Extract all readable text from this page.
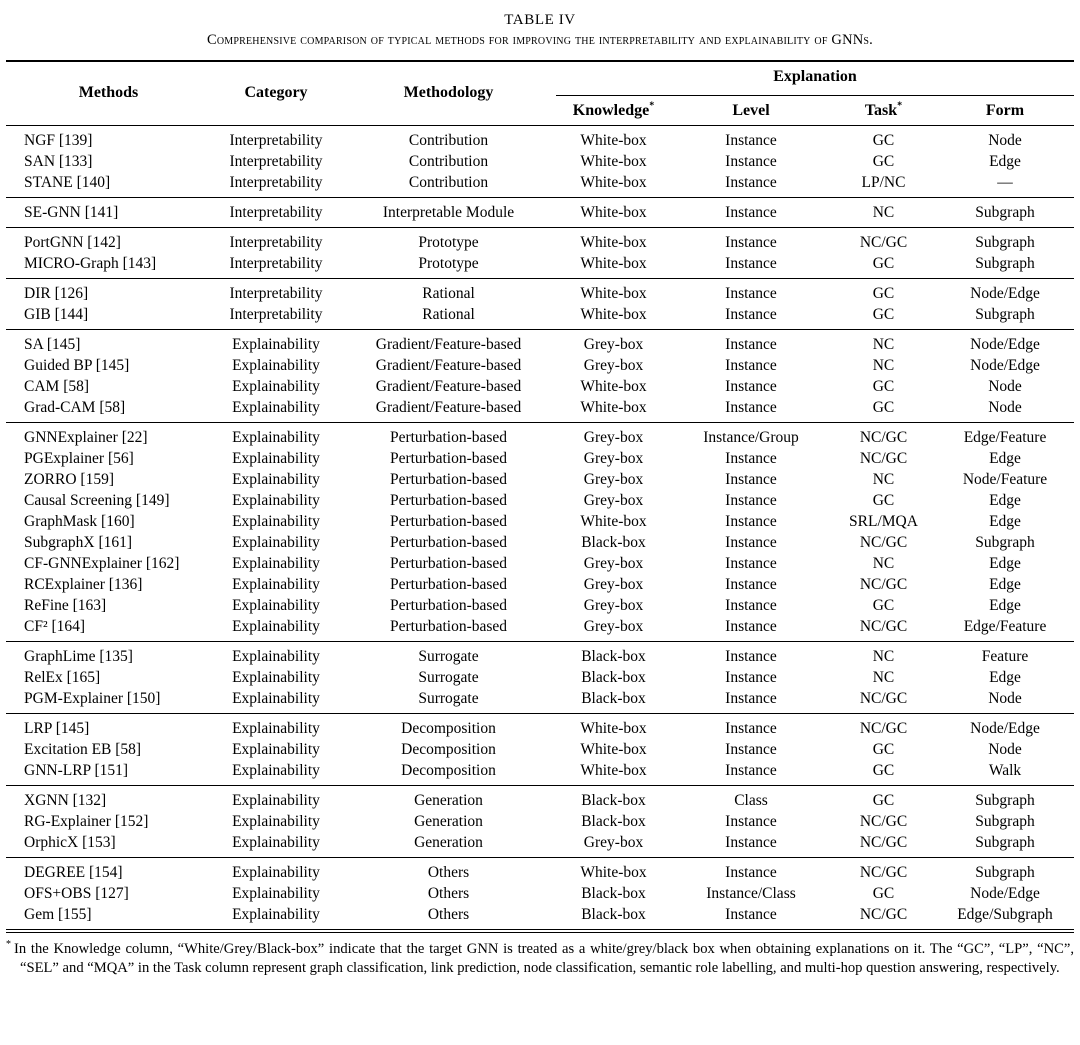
TABLE IV
Comprehensive comparison of typical methods for improving the interpretability and explainability of GNNs.
Methods	Category	Methodology	Explanation			
			Knowledge*	Level	Task*	Form
NGF [139]	Interpretability	Contribution	White-box	Instance	GC	Node
SAN [133]	Interpretability	Contribution	White-box	Instance	GC	Edge
STANE [140]	Interpretability	Contribution	White-box	Instance	LP/NC	—
SE-GNN [141]	Interpretability	Interpretable Module	White-box	Instance	NC	Subgraph
PortGNN [142]	Interpretability	Prototype	White-box	Instance	NC/GC	Subgraph
MICRO-Graph [143]	Interpretability	Prototype	White-box	Instance	GC	Subgraph
DIR [126]	Interpretability	Rational	White-box	Instance	GC	Node/Edge
GIB [144]	Interpretability	Rational	White-box	Instance	GC	Subgraph
SA [145]	Explainability	Gradient/Feature-based	Grey-box	Instance	NC	Node/Edge
Guided BP [145]	Explainability	Gradient/Feature-based	Grey-box	Instance	NC	Node/Edge
CAM [58]	Explainability	Gradient/Feature-based	White-box	Instance	GC	Node
Grad-CAM [58]	Explainability	Gradient/Feature-based	White-box	Instance	GC	Node
GNNExplainer [22]	Explainability	Perturbation-based	Grey-box	Instance/Group	NC/GC	Edge/Feature
PGExplainer [56]	Explainability	Perturbation-based	Grey-box	Instance	NC/GC	Edge
ZORRO [159]	Explainability	Perturbation-based	Grey-box	Instance	NC	Node/Feature
Causal Screening [149]	Explainability	Perturbation-based	Grey-box	Instance	GC	Edge
GraphMask [160]	Explainability	Perturbation-based	White-box	Instance	SRL/MQA	Edge
SubgraphX [161]	Explainability	Perturbation-based	Black-box	Instance	NC/GC	Subgraph
CF-GNNExplainer [162]	Explainability	Perturbation-based	Grey-box	Instance	NC	Edge
RCExplainer [136]	Explainability	Perturbation-based	Grey-box	Instance	NC/GC	Edge
ReFine [163]	Explainability	Perturbation-based	Grey-box	Instance	GC	Edge
CF² [164]	Explainability	Perturbation-based	Grey-box	Instance	NC/GC	Edge/Feature
GraphLime [135]	Explainability	Surrogate	Black-box	Instance	NC	Feature
RelEx [165]	Explainability	Surrogate	Black-box	Instance	NC	Edge
PGM-Explainer [150]	Explainability	Surrogate	Black-box	Instance	NC/GC	Node
LRP [145]	Explainability	Decomposition	White-box	Instance	NC/GC	Node/Edge
Excitation EB [58]	Explainability	Decomposition	White-box	Instance	GC	Node
GNN-LRP [151]	Explainability	Decomposition	White-box	Instance	GC	Walk
XGNN [132]	Explainability	Generation	Black-box	Class	GC	Subgraph
RG-Explainer [152]	Explainability	Generation	Black-box	Instance	NC/GC	Subgraph
OrphicX [153]	Explainability	Generation	Grey-box	Instance	NC/GC	Subgraph
DEGREE [154]	Explainability	Others	White-box	Instance	NC/GC	Subgraph
OFS+OBS [127]	Explainability	Others	Black-box	Instance/Class	GC	Node/Edge
Gem [155]	Explainability	Others	Black-box	Instance	NC/GC	Edge/Subgraph
* In the Knowledge column, “White/Grey/Black-box” indicate that the target GNN is treated as a white/grey/black box when obtaining explanations on it. The “GC”, “LP”, “NC”, “SEL” and “MQA” in the Task column represent graph classification, link prediction, node classification, semantic role labelling, and multi-hop question answering, respectively.
